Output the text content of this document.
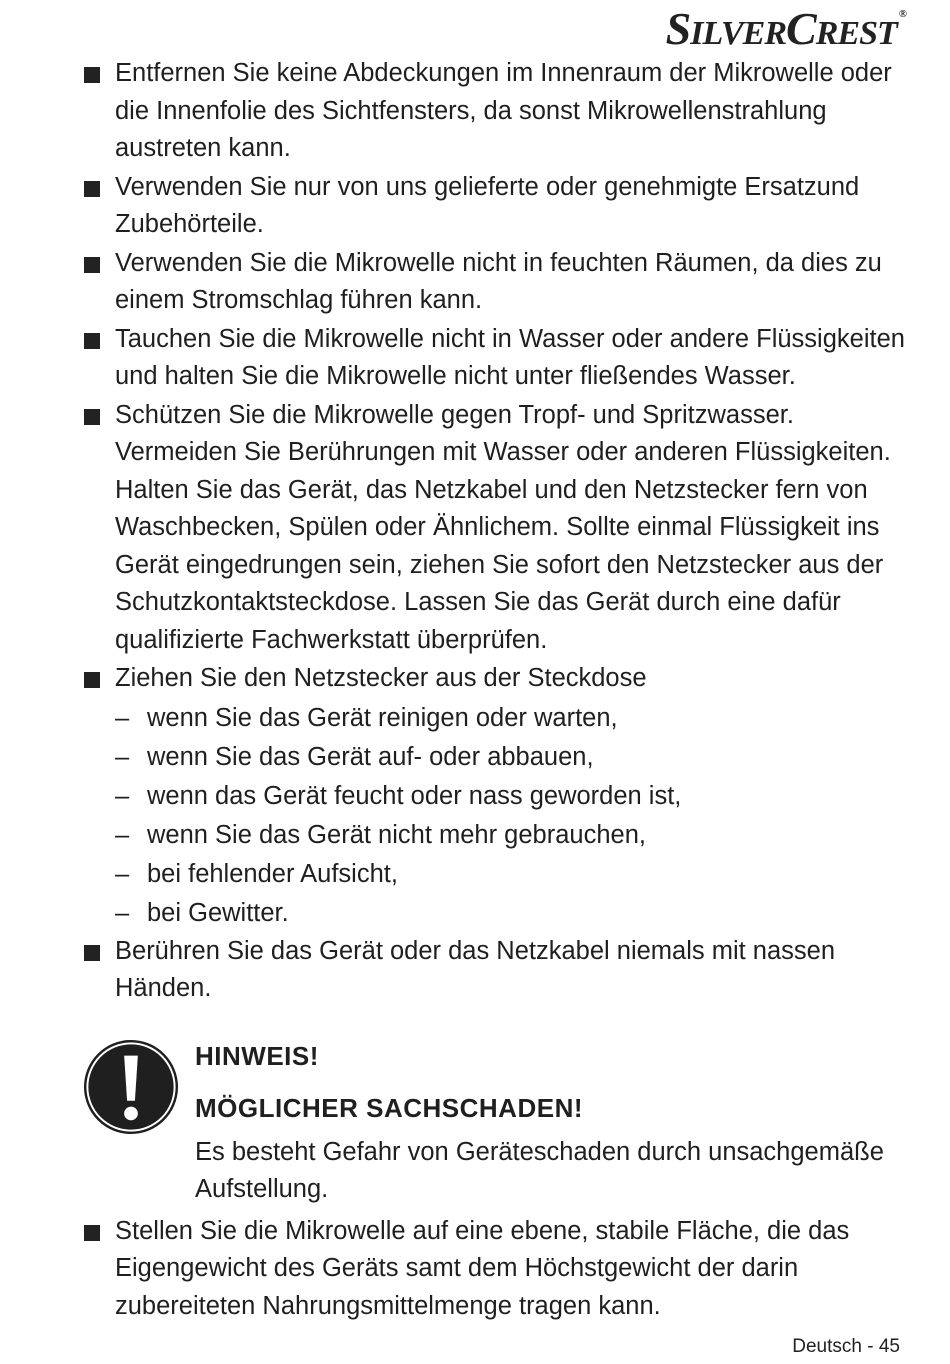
SILVERCREST®

Entfernen Sie keine Abdeckungen im Innenraum der Mikrowelle oder die Innenfolie des Sichtfensters, da sonst Mikrowellenstrahlung austreten kann.

Verwenden Sie nur von uns gelieferte oder genehmigte Ersatzund Zubehörteile.

Verwenden Sie die Mikrowelle nicht in feuchten Räumen, da dies zu einem Stromschlag führen kann.

Tauchen Sie die Mikrowelle nicht in Wasser oder andere Flüssigkeiten und halten Sie die Mikrowelle nicht unter fließendes Wasser.

Schützen Sie die Mikrowelle gegen Tropf- und Spritzwasser. Vermeiden Sie Berührungen mit Wasser oder anderen Flüssigkeiten. Halten Sie das Gerät, das Netzkabel und den Netzstecker fern von Waschbecken, Spülen oder Ähnlichem. Sollte einmal Flüssigkeit ins Gerät eingedrungen sein, ziehen Sie sofort den Netzstecker aus der Schutzkontaktsteckdose. Lassen Sie das Gerät durch eine dafür qualifizierte Fachwerkstatt überprüfen.

Ziehen Sie den Netzstecker aus der Steckdose

– wenn Sie das Gerät reinigen oder warten,
– wenn Sie das Gerät auf- oder abbauen,
– wenn das Gerät feucht oder nass geworden ist,
– wenn Sie das Gerät nicht mehr gebrauchen,
– bei fehlender Aufsicht,
– bei Gewitter.

Berühren Sie das Gerät oder das Netzkabel niemals mit nassen Händen.

HINWEIS!
MÖGLICHER SACHSCHADEN!
Es besteht Gefahr von Geräteschaden durch unsachgemäße Aufstellung.

Stellen Sie die Mikrowelle auf eine ebene, stabile Fläche, die das Eigengewicht des Geräts samt dem Höchstgewicht der darin zubereiteten Nahrungsmittelmenge tragen kann.

Deutsch - 45
